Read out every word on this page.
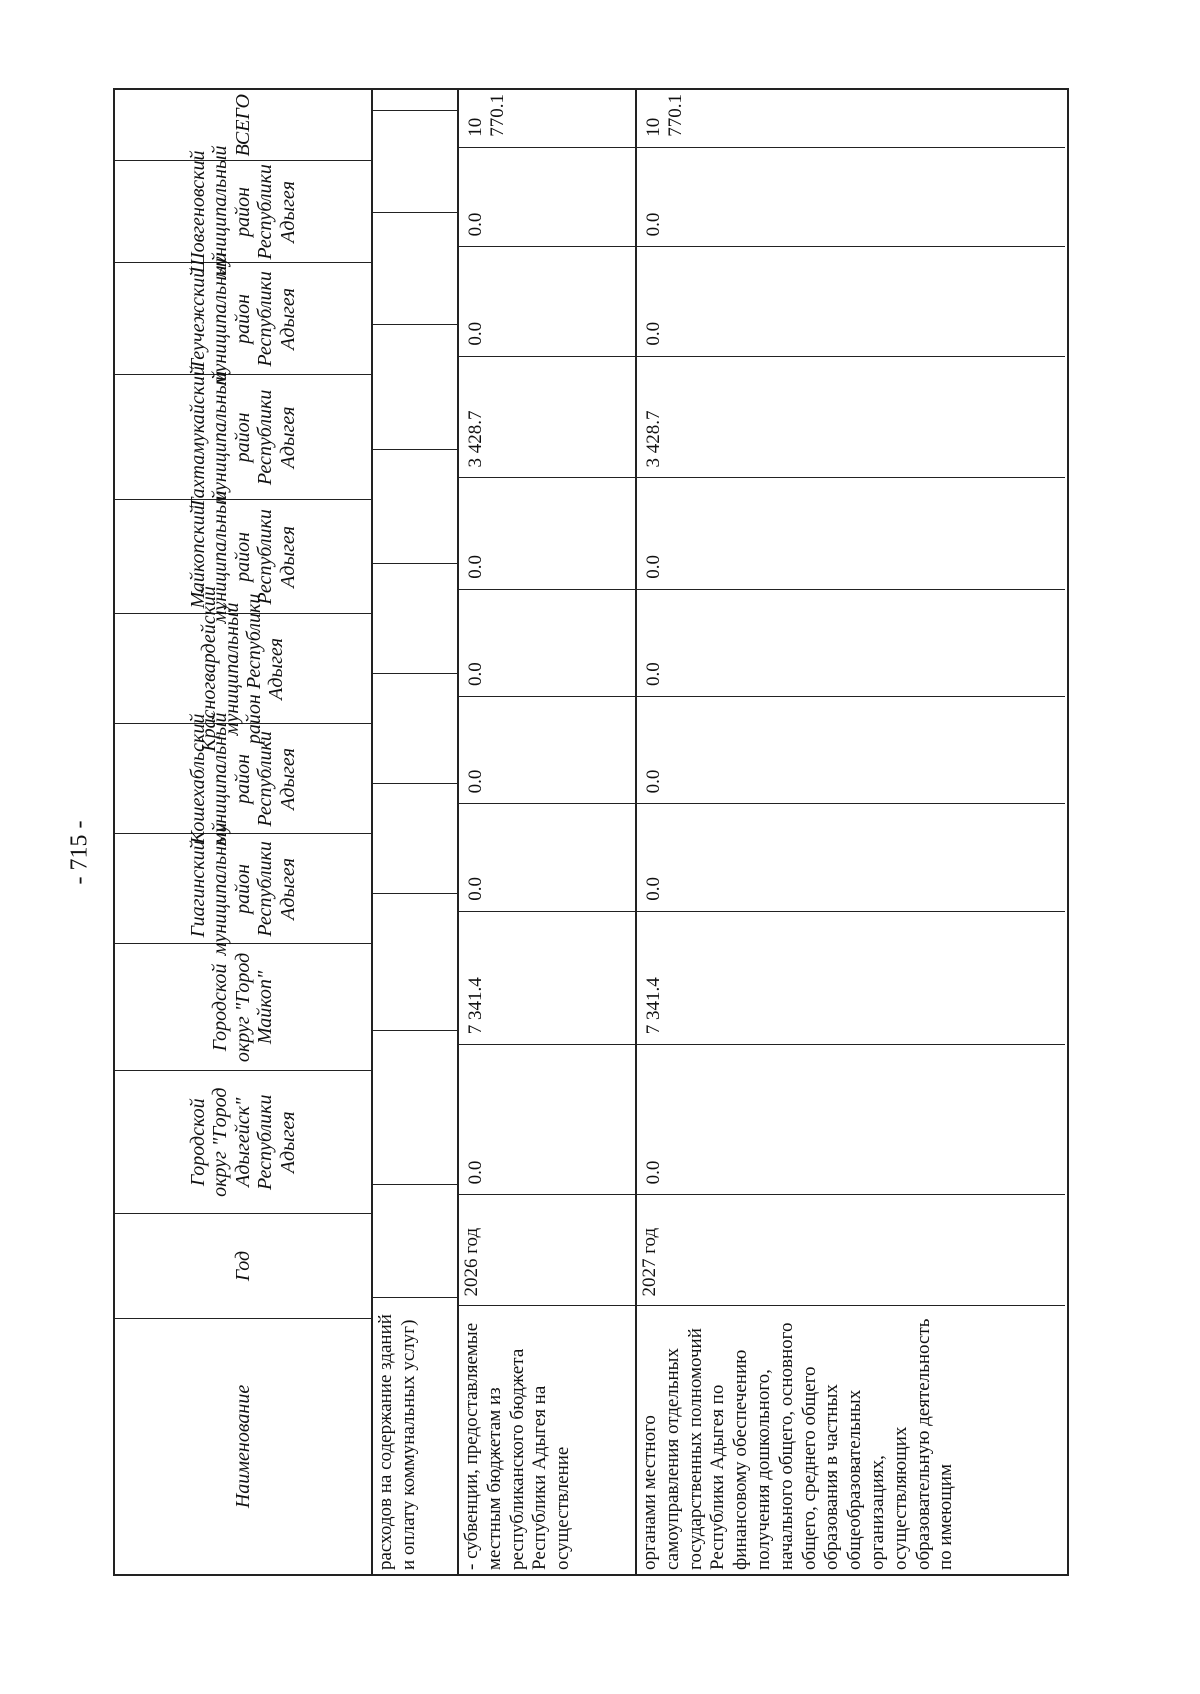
- 715 -
Наименование
Год
Городской округ "Город Адыгейск" Республики Адыгея
Городской округ "Город Майкоп"
Гиагинский муниципальный район Республики Адыгея
Кошехабльский муниципальный район Республики Адыгея
Красногвардейский муниципальный район Республики Адыгея
Майкопский муниципальный район Республики Адыгея
Тахтамукайский муниципальный район Республики Адыгея
Теучежский муниципальный район Республики Адыгея
Шовгеновский муниципальный район Республики Адыгея
ВСЕГО
расходов на содержание зданий и оплату коммунальных услуг)	- субвенции, предоставляемые местным бюджетам из республиканского бюджета Республики Адыгея на осуществление
2026 год
0.0
7 341.4
0.0
0.0
0.0
0.0
3 428.7
0.0
0.0
10 770.1
органами местного самоуправления отдельных государственных полномочий Республики Адыгея по финансовому обеспечению получения дошкольного, начального общего, основного общего, среднего общего образования в частных общеобразовательных организациях, осуществляющих образовательную деятельность по имеющим
2027 год
0.0
7 341.4
0.0
0.0
0.0
0.0
3 428.7
0.0
0.0
10 770.1
